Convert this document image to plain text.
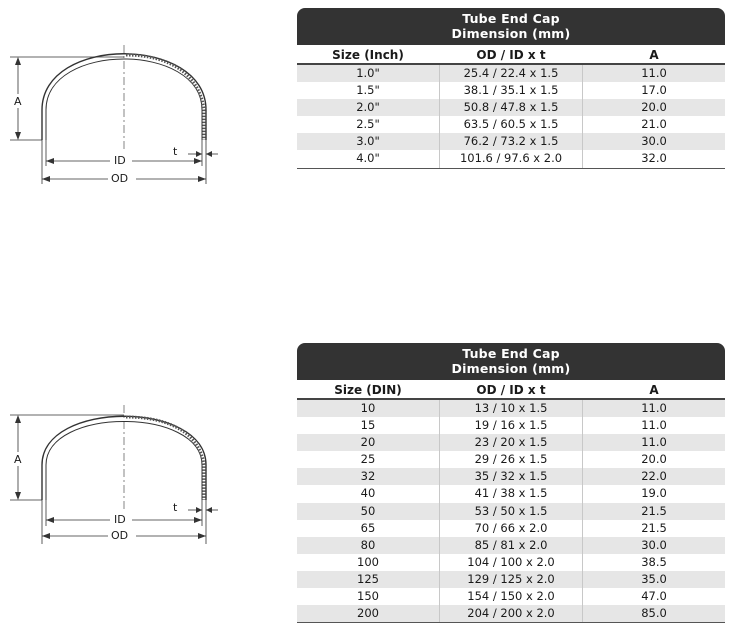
A
ID
OD
t
Tube End Cap
Dimension (mm)
Size (Inch)	OD / ID x t	A
1.0"	25.4 / 22.4 x 1.5	11.0
1.5"	38.1 / 35.1 x 1.5	17.0
2.0"	50.8 / 47.8 x 1.5	20.0
2.5"	63.5 / 60.5 x 1.5	21.0
3.0"	76.2 / 73.2 x 1.5	30.0
4.0"	101.6 / 97.6 x 2.0	32.0
A
ID
OD
t
Tube End Cap
Dimension (mm)
Size (DIN)	OD / ID x t	A
10	13 / 10 x 1.5	11.0
15	19 / 16 x 1.5	11.0
20	23 / 20 x 1.5	11.0
25	29 / 26 x 1.5	20.0
32	35 / 32 x 1.5	22.0
40	41 / 38 x 1.5	19.0
50	53 / 50 x 1.5	21.5
65	70 / 66 x 2.0	21.5
80	85 / 81 x 2.0	30.0
100	104 / 100 x 2.0	38.5
125	129 / 125 x 2.0	35.0
150	154 / 150 x 2.0	47.0
200	204 / 200 x 2.0	85.0
